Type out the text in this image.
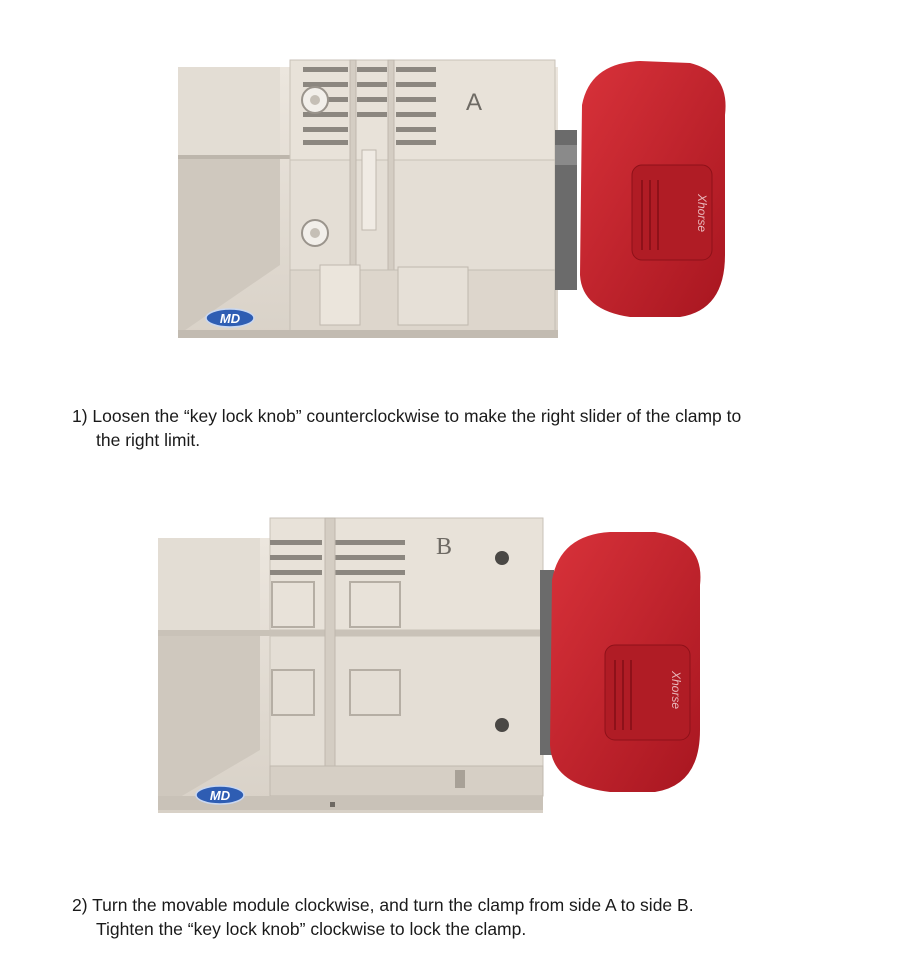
A
MD
Xhorse
1) Loosen the “key lock knob” counterclockwise to make the right slider of the clamp to
the right limit.
B
MD
Xhorse
2) Turn the movable module clockwise, and turn the clamp from side A to side B.
Tighten the “key lock knob” clockwise to lock the clamp.
